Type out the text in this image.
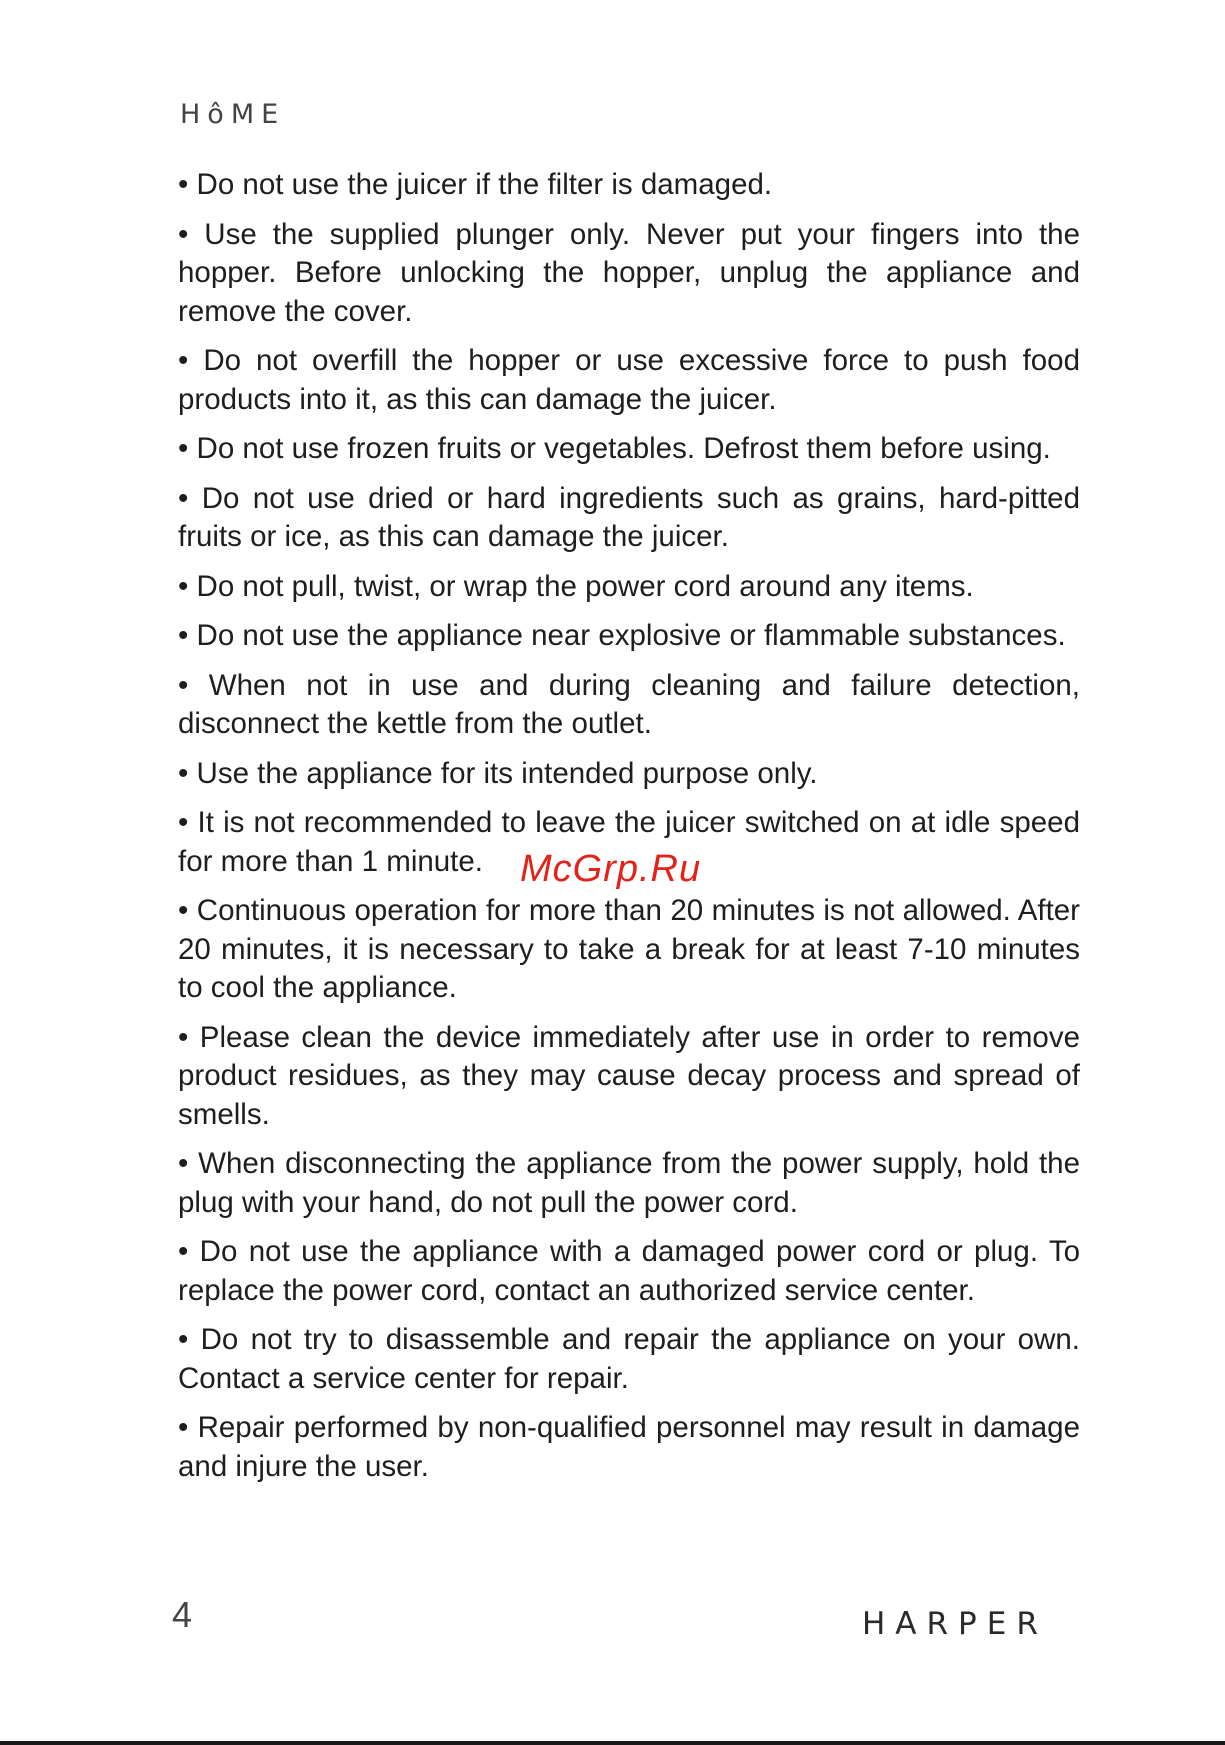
HôME

• Do not use the juicer if the filter is damaged.

• Use the supplied plunger only. Never put your fingers into the hopper. Before unlocking the hopper, unplug the appliance and remove the cover.

• Do not overfill the hopper or use excessive force to push food products into it, as this can damage the juicer.

• Do not use frozen fruits or vegetables. Defrost them before using.

• Do not use dried or hard ingredients such as grains, hard-pitted fruits or ice, as this can damage the juicer.

• Do not pull, twist, or wrap the power cord around any items.

• Do not use the appliance near explosive or flammable substances.

• When not in use and during cleaning and failure detection, disconnect the kettle from the outlet.

• Use the appliance for its intended purpose only.

• It is not recommended to leave the juicer switched on at idle speed for more than 1 minute.

• Continuous operation for more than 20 minutes is not allowed. After 20 minutes, it is necessary to take a break for at least 7-10 minutes to cool the appliance.

• Please clean the device immediately after use in order to remove product residues, as they may cause decay process and spread of smells.

• When disconnecting the appliance from the power supply, hold the plug with your hand, do not pull the power cord.

• Do not use the appliance with a damaged power cord or plug. To replace the power cord, contact an authorized service center.

• Do not try to disassemble and repair the appliance on your own. Contact a service center for repair.

• Repair performed by non-qualified personnel may result in damage and injure the user.

McGrp.Ru
4	HARPER
